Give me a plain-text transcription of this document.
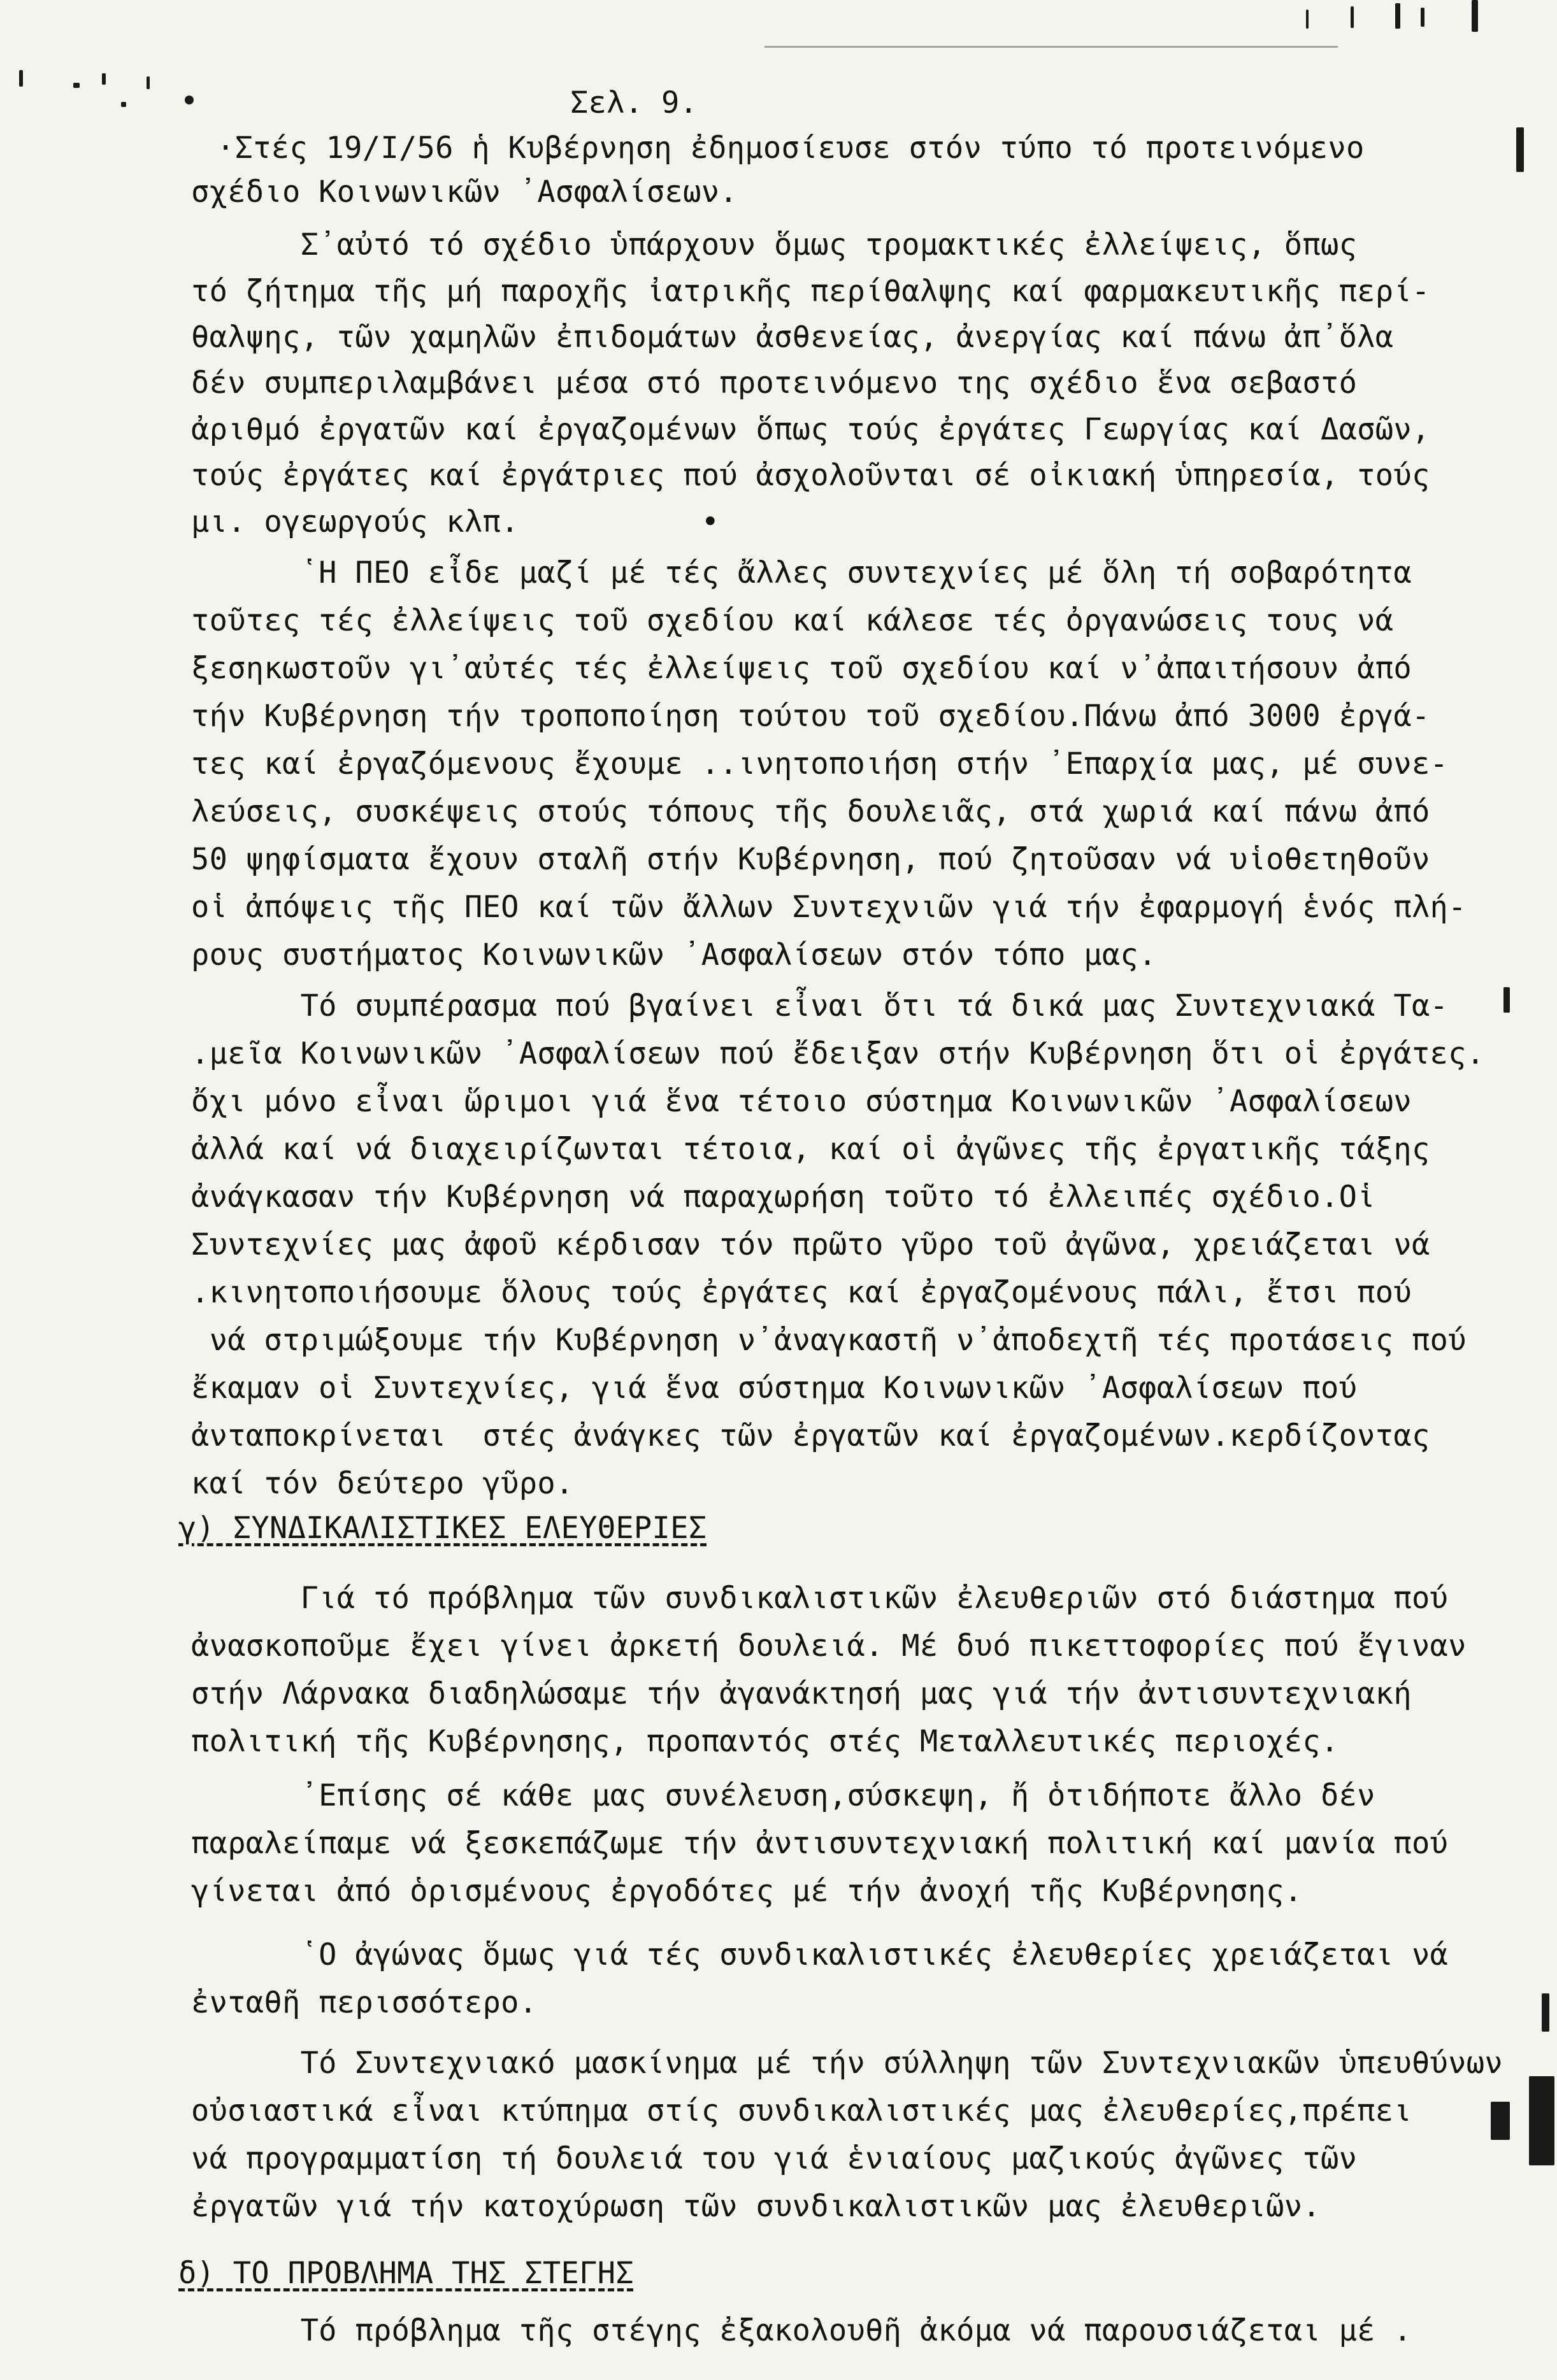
Σελ. 9.
·Στές 19/Ι/56 ἡ Κυβέρνηση ἐδημοσίευσε στόν τύπο τό προτεινόμενο
σχέδιο Κοινωνικῶν ᾿Ασφαλίσεων.
Σ᾿αὐτό τό σχέδιο ὑπάρχουν ὅμως τρομακτικές ἐλλείψεις, ὅπως
τό ζήτημα τῆς μή παροχῆς ἰατρικῆς περίθαλψης καί φαρμακευτικῆς περί-
θαλψης, τῶν χαμηλῶν ἐπιδομάτων ἀσθενείας, ἀνεργίας καί πάνω ἀπ᾿ὅλα
δέν συμπεριλαμβάνει μέσα στό προτεινόμενο της σχέδιο ἕνα σεβαστό
ἀριθμό ἐργατῶν καί ἐργαζομένων ὅπως τούς ἐργάτες Γεωργίας καί Δασῶν,
τούς ἐργάτες καί ἐργάτριες πού ἀσχολοῦνται σέ οἰκιακή ὑπηρεσία, τούς
μι. ογεωργούς κλπ.          •
῾Η ΠΕΟ εἶδε μαζί μέ τές ἄλλες συντεχνίες μέ ὅλη τή σοβαρότητα
τοῦτες τές ἐλλείψεις τοῦ σχεδίου καί κάλεσε τές ὀργανώσεις τους νά
ξεσηκωστοῦν γι᾿αὐτές τές ἐλλείψεις τοῦ σχεδίου καί ν᾿ἀπαιτήσουν ἀπό
τήν Κυβέρνηση τήν τροποποίηση τούτου τοῦ σχεδίου.Πάνω ἀπό 3000 ἐργά-
τες καί ἐργαζόμενους ἔχουμε ..ινητοποιήση στήν ᾿Επαρχία μας, μέ συνε-
λεύσεις, συσκέψεις στούς τόπους τῆς δουλειᾶς, στά χωριά καί πάνω ἀπό
50 ψηφίσματα ἔχουν σταλῆ στήν Κυβέρνηση, πού ζητοῦσαν νά υἱοθετηθοῦν
οἱ ἀπόψεις τῆς ΠΕΟ καί τῶν ἄλλων Συντεχνιῶν γιά τήν ἐφαρμογή ἑνός πλή-
ρους συστήματος Κοινωνικῶν ᾿Ασφαλίσεων στόν τόπο μας.
Τό συμπέρασμα πού βγαίνει εἶναι ὅτι τά δικά μας Συντεχνιακά Τα-
.μεῖα Κοινωνικῶν ᾿Ασφαλίσεων πού ἔδειξαν στήν Κυβέρνηση ὅτι οἱ ἐργάτες.
ὄχι μόνο εἶναι ὥριμοι γιά ἕνα τέτοιο σύστημα Κοινωνικῶν ᾿Ασφαλίσεων
ἀλλά καί νά διαχειρίζωνται τέτοια, καί οἱ ἀγῶνες τῆς ἐργατικῆς τάξης
ἀνάγκασαν τήν Κυβέρνηση νά παραχωρήση τοῦτο τό ἐλλειπές σχέδιο.Οἱ
Συντεχνίες μας ἀφοῦ κέρδισαν τόν πρῶτο γῦρο τοῦ ἀγῶνα, χρειάζεται νά
.κινητοποιήσουμε ὅλους τούς ἐργάτες καί ἐργαζομένους πάλι, ἔτσι πού
νά στριμώξουμε τήν Κυβέρνηση ν᾿ἀναγκαστῆ ν᾿ἀποδεχτῆ τές προτάσεις πού
ἔκαμαν οἱ Συντεχνίες, γιά ἕνα σύστημα Κοινωνικῶν ᾿Ασφαλίσεων πού
ἀνταποκρίνεται  στές ἀνάγκες τῶν ἐργατῶν καί ἐργαζομένων.κερδίζοντας
καί τόν δεύτερο γῦρο.
γ) ΣΥΝΔΙΚΑΛΙΣΤΙΚΕΣ ΕΛΕΥΘΕΡΙΕΣ
Γιά τό πρόβλημα τῶν συνδικαλιστικῶν ἐλευθεριῶν στό διάστημα πού
ἀνασκοποῦμε ἔχει γίνει ἀρκετή δουλειά. Μέ δυό πικεττοφορίες πού ἔγιναν
στήν Λάρνακα διαδηλώσαμε τήν ἀγανάκτησή μας γιά τήν ἀντισυντεχνιακή
πολιτική τῆς Κυβέρνησης, προπαντός στές Μεταλλευτικές περιοχές.
᾿Επίσης σέ κάθε μας συνέλευση,σύσκεψη, ἤ ὁτιδήποτε ἄλλο δέν
παραλείπαμε νά ξεσκεπάζωμε τήν ἀντισυντεχνιακή πολιτική καί μανία πού
γίνεται ἀπό ὁρισμένους ἐργοδότες μέ τήν ἀνοχή τῆς Κυβέρνησης.
῾Ο ἀγώνας ὅμως γιά τές συνδικαλιστικές ἐλευθερίες χρειάζεται νά
ἐνταθῆ περισσότερο.
Τό Συντεχνιακό μασκίνημα μέ τήν σύλληψη τῶν Συντεχνιακῶν ὑπευθύνων
οὐσιαστικά εἶναι κτύπημα στίς συνδικαλιστικές μας ἐλευθερίες,πρέπει
νά προγραμματίση τή δουλειά του γιά ἑνιαίους μαζικούς ἀγῶνες τῶν
ἐργατῶν γιά τήν κατοχύρωση τῶν συνδικαλιστικῶν μας ἐλευθεριῶν.
δ) ΤΟ ΠΡΟΒΛΗΜΑ ΤΗΣ ΣΤΕΓΗΣ
Τό πρόβλημα τῆς στέγης ἐξακολουθῆ ἀκόμα νά παρουσιάζεται μέ .
